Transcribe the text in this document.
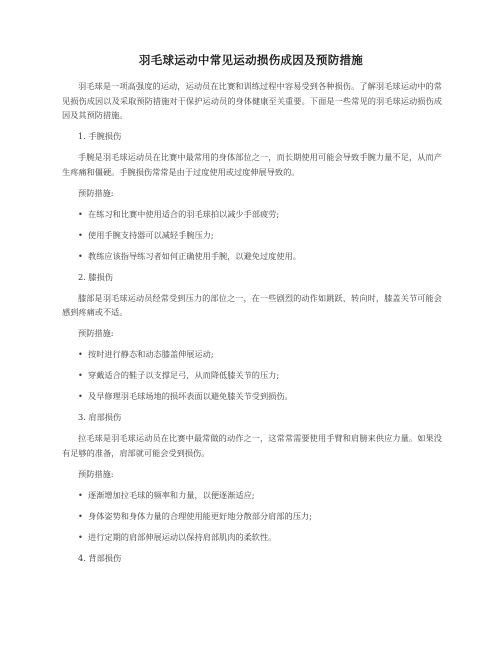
羽毛球运动中常见运动损伤成因及预防措施

羽毛球是一项高强度的运动，运动员在比赛和训练过程中容易受到各种损伤。了解羽毛球运动中的常见损伤成因以及采取预防措施对于保护运动员的身体健康至关重要。下面是一些常见的羽毛球运动损伤成因及其预防措施。

1. 手腕损伤

手腕是羽毛球运动员在比赛中最常用的身体部位之一，而长期使用可能会导致手腕力量不足，从而产生疼痛和僵硬。手腕损伤常常是由于过度使用或过度伸展导致的。

预防措施:

• 在练习和比赛中使用适合的羽毛球拍以减少手部疲劳;

• 使用手腕支持器可以减轻手腕压力;

• 教练应该指导练习者如何正确使用手腕，以避免过度使用。

2. 膝损伤

膝部是羽毛球运动员经常受到压力的部位之一，在一些剧烈的动作如跳跃、转向时，膝盖关节可能会感到疼痛或不适。

预防措施:

• 按时进行静态和动态膝盖伸展运动;

• 穿戴适合的鞋子以支撑足弓，从而降低膝关节的压力;

• 及早修理羽毛球场地的损坏表面以避免膝关节受到损伤。

3. 肩部损伤

拉毛球是羽毛球运动员在比赛中最常做的动作之一，这常常需要使用手臂和肩膀来供应力量。如果没有足够的准备，肩部就可能会受到损伤。

预防措施:

• 逐渐增加拉毛球的频率和力量，以便逐渐适应;

• 身体姿势和身体力量的合理使用能更好地分散部分肩部的压力;

• 进行定期的肩部伸展运动以保持肩部肌肉的柔软性。

4. 背部损伤
